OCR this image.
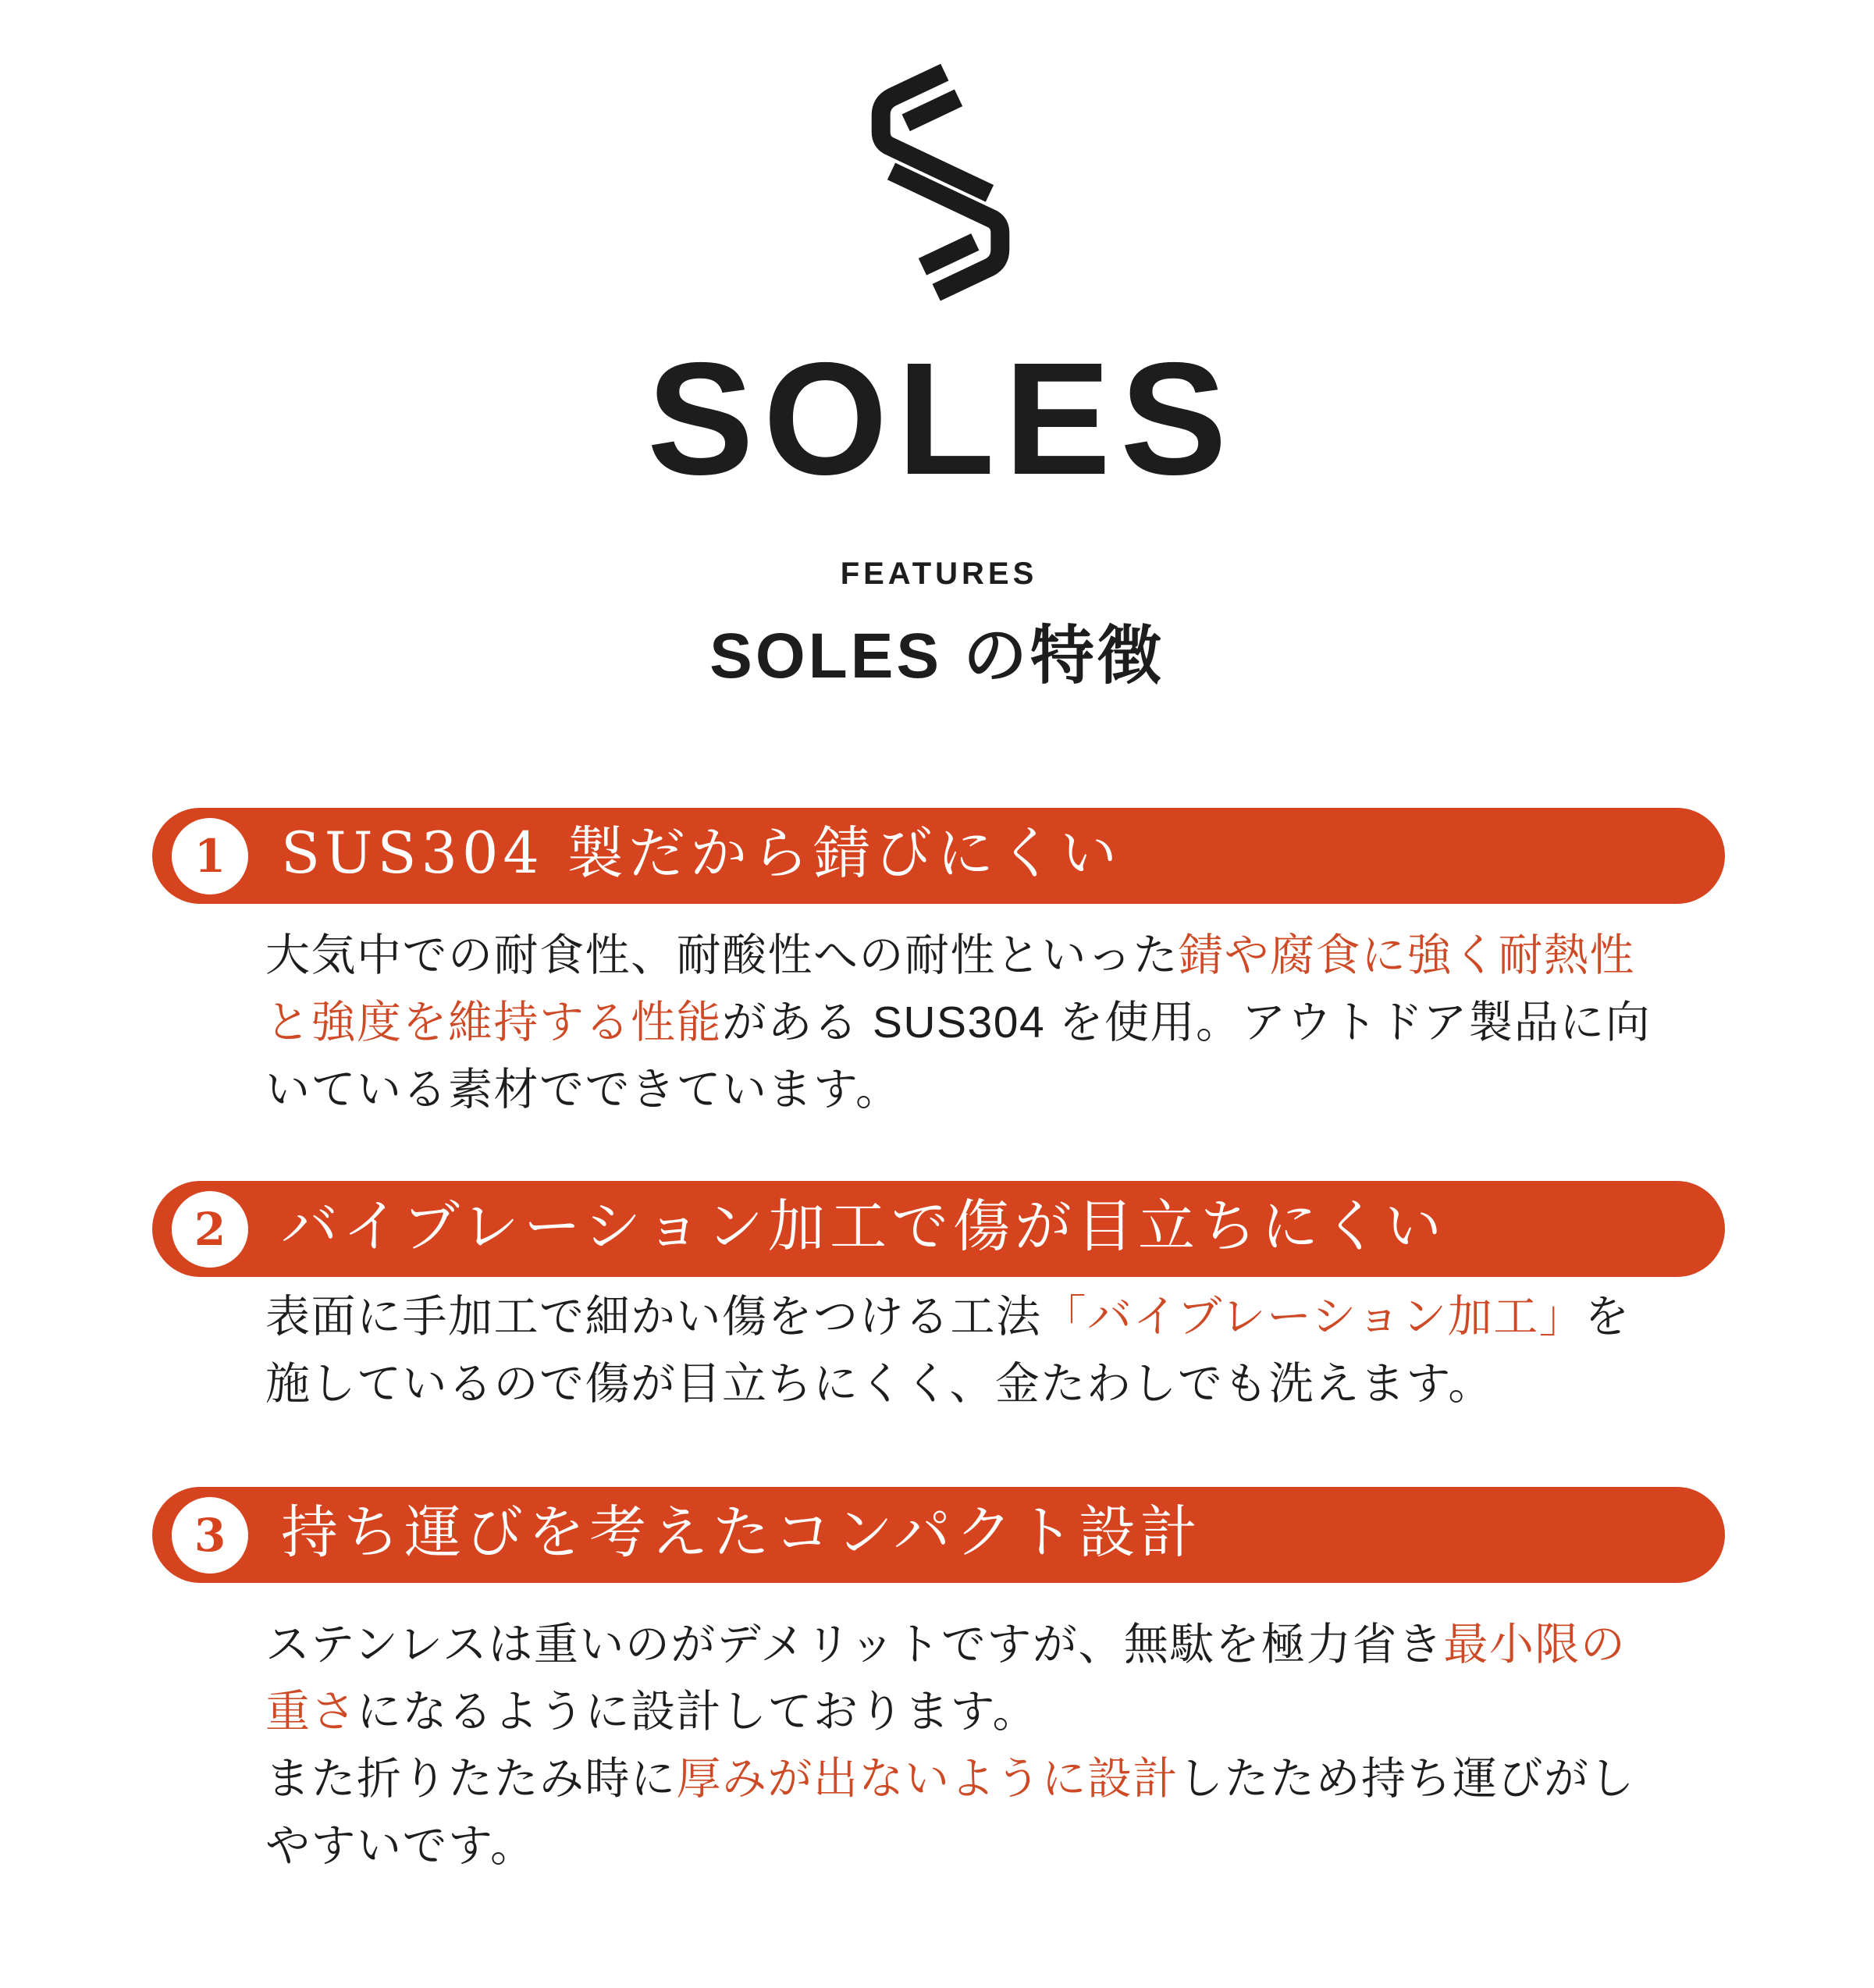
SOLES
FEATURES
SOLES の特徴
1 SUS304 製だから錆びにくい
大気中での耐食性、耐酸性への耐性といった錆や腐食に強く耐熱性
と強度を維持する性能がある SUS304 を使用。アウトドア製品に向
いている素材でできています。
2 バイブレーション加工で傷が目立ちにくい
表面に手加工で細かい傷をつける工法「バイブレーション加工」を
施しているので傷が目立ちにくく、金たわしでも洗えます。
3 持ち運びを考えたコンパクト設計
ステンレスは重いのがデメリットですが、無駄を極力省き最小限の
重さになるように設計しております。
また折りたたみ時に厚みが出ないように設計したため持ち運びがし
やすいです。
